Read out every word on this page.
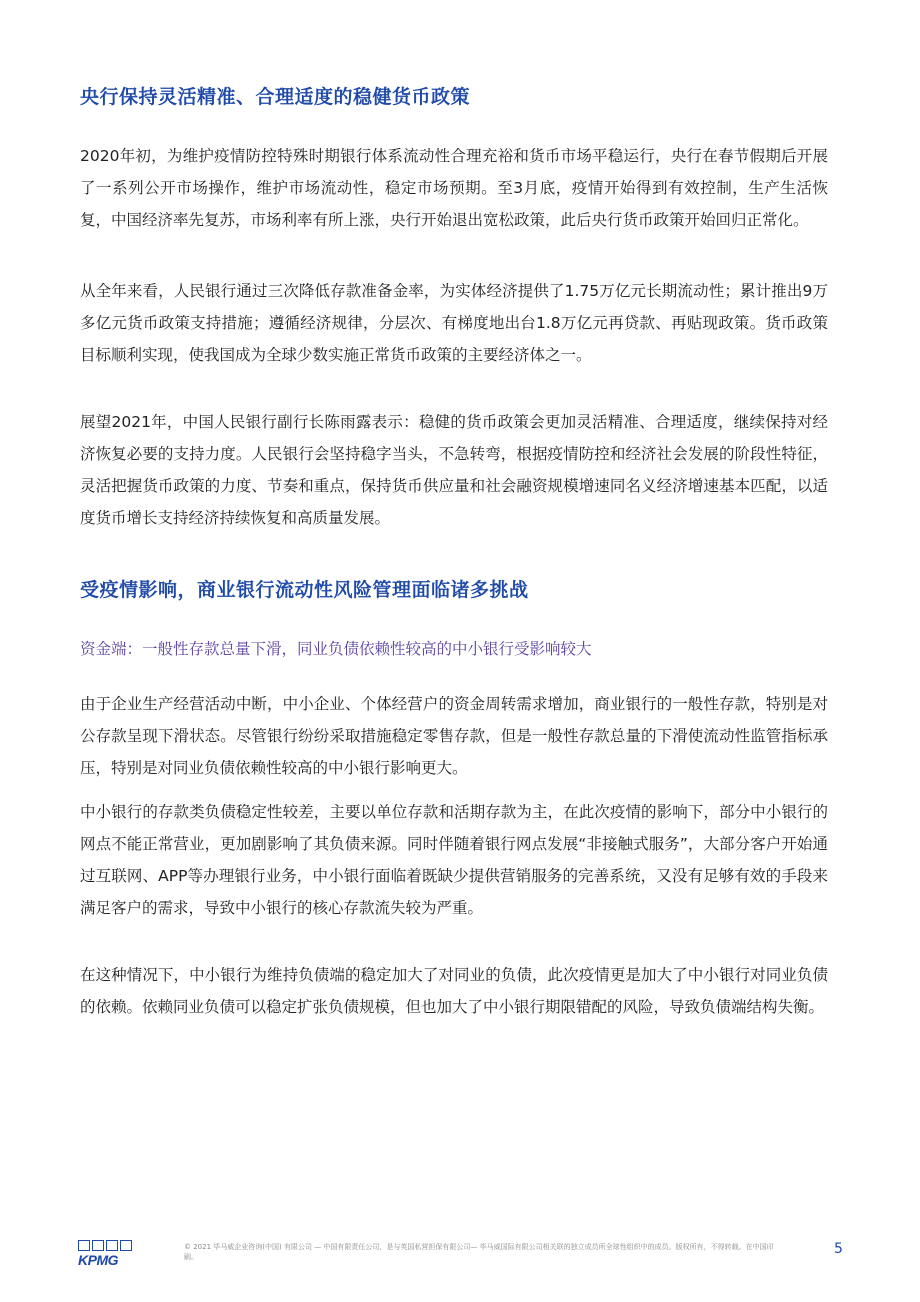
央行保持灵活精准、合理适度的稳健货币政策

2020年初，为维护疫情防控特殊时期银行体系流动性合理充裕和货币市场平稳运行，央行在春节假期后开展了一系列公开市场操作，维护市场流动性，稳定市场预期。至3月底，疫情开始得到有效控制，生产生活恢复，中国经济率先复苏，市场利率有所上涨，央行开始退出宽松政策，此后央行货币政策开始回归正常化。

从全年来看，人民银行通过三次降低存款准备金率，为实体经济提供了1.75万亿元长期流动性；累计推出9万多亿元货币政策支持措施；遵循经济规律，分层次、有梯度地出台1.8万亿元再贷款、再贴现政策。货币政策目标顺利实现，使我国成为全球少数实施正常货币政策的主要经济体之一。

展望2021年，中国人民银行副行长陈雨露表示：稳健的货币政策会更加灵活精准、合理适度，继续保持对经济恢复必要的支持力度。人民银行会坚持稳字当头，不急转弯，根据疫情防控和经济社会发展的阶段性特征，灵活把握货币政策的力度、节奏和重点，保持货币供应量和社会融资规模增速同名义经济增速基本匹配，以适度货币增长支持经济持续恢复和高质量发展。

受疫情影响，商业银行流动性风险管理面临诸多挑战

资金端：一般性存款总量下滑，同业负债依赖性较高的中小银行受影响较大

由于企业生产经营活动中断，中小企业、个体经营户的资金周转需求增加，商业银行的一般性存款，特别是对公存款呈现下滑状态。尽管银行纷纷采取措施稳定零售存款，但是一般性存款总量的下滑使流动性监管指标承压，特别是对同业负债依赖性较高的中小银行影响更大。

中小银行的存款类负债稳定性较差，主要以单位存款和活期存款为主，在此次疫情的影响下，部分中小银行的网点不能正常营业，更加剧影响了其负债来源。同时伴随着银行网点发展“非接触式服务”，大部分客户开始通过互联网、APP等办理银行业务，中小银行面临着既缺少提供营销服务的完善系统，又没有足够有效的手段来满足客户的需求，导致中小银行的核心存款流失较为严重。

在这种情况下，中小银行为维持负债端的稳定加大了对同业的负债，此次疫情更是加大了中小银行对同业负债的依赖。依赖同业负债可以稳定扩张负债规模，但也加大了中小银行期限错配的风险，导致负债端结构失衡。

KPMG
© 2021 毕马威企业咨询(中国) 有限公司 — 中国有限责任公司，是与英国私营担保有限公司— 毕马威国际有限公司相关联的独立成员所全球性组织中的成员。版权所有，不得转载。在中国印刷。	5
